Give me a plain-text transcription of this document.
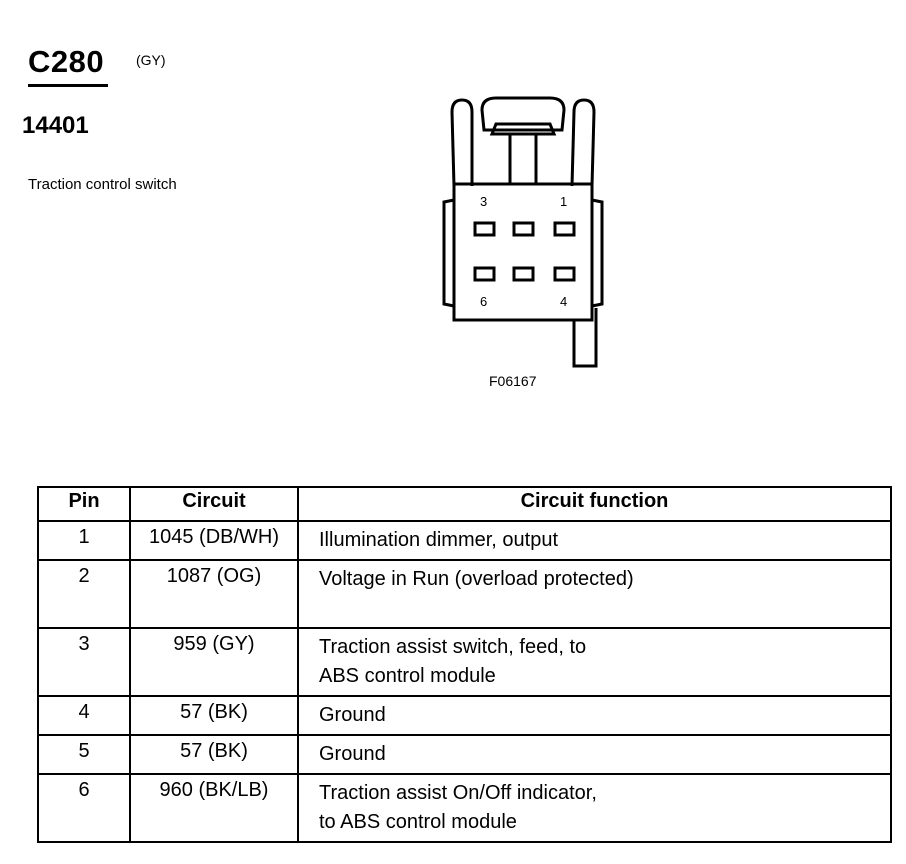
C280 (GY)
14401
Traction control switch
3	1
6	4
F06167
Pin	Circuit	Circuit function
1	1045 (DB/WH)	Illumination dimmer, output
2	1087 (OG)	Voltage in Run (overload protected)
3	959 (GY)	Traction assist switch, feed, to ABS control module
4	57 (BK)	Ground
5	57 (BK)	Ground
6	960 (BK/LB)	Traction assist On/Off indicator, to ABS control module
